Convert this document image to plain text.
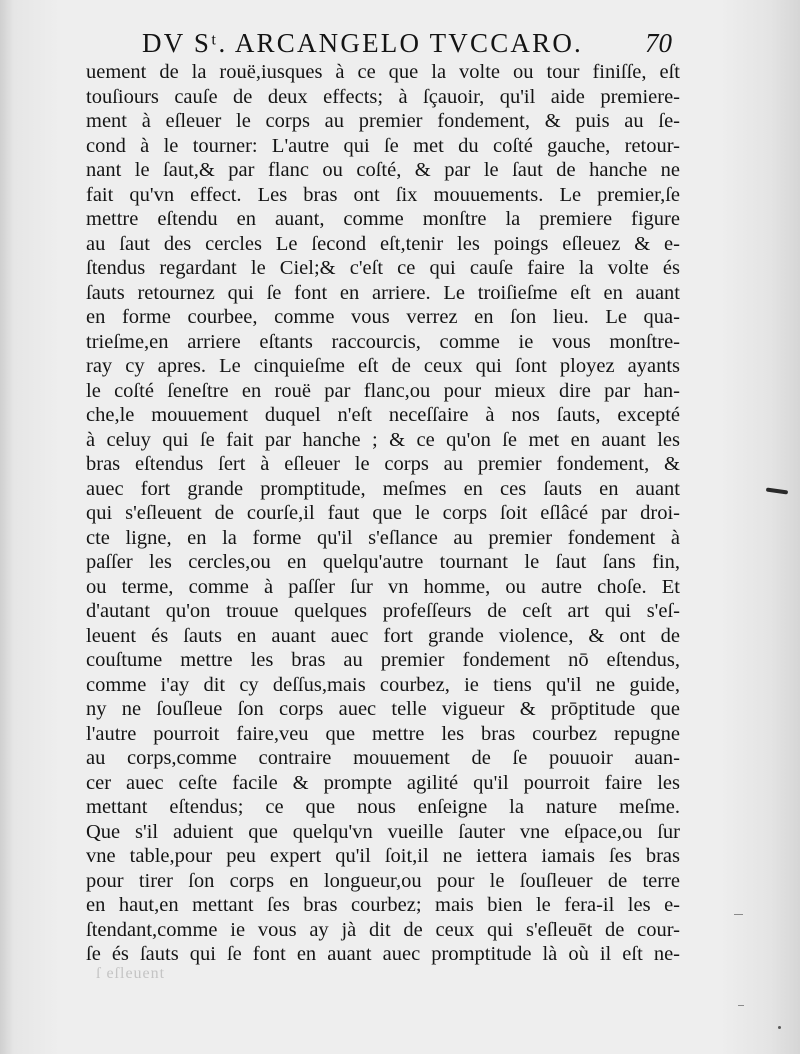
DV Sᵗ. ARCANGELO TVCCARO. 70
uement de la rouë,iusques à ce que la volte ou tour finiſſe, eſt
touſiours cauſe de deux effects; à ſçauoir, qu'il aide premiere-
ment à eſleuer le corps au premier fondement, & puis au ſe-
cond à le tourner: L'autre qui ſe met du coſté gauche, retour-
nant le ſaut,& par flanc ou coſté, & par le ſaut de hanche ne
fait qu'vn effect. Les bras ont ſix mouuements. Le premier,ſe
mettre eſtendu en auant, comme monſtre la premiere figure
au ſaut des cercles Le ſecond eſt,tenir les poings eſleuez & e-
ſtendus regardant le Ciel;& c'eſt ce qui cauſe faire la volte és
ſauts retournez qui ſe font en arriere. Le troiſieſme eſt en auant
en forme courbee, comme vous verrez en ſon lieu. Le qua-
trieſme,en arriere eſtants raccourcis, comme ie vous monſtre-
ray cy apres. Le cinquieſme eſt de ceux qui ſont ployez ayants
le coſté ſeneſtre en rouë par flanc,ou pour mieux dire par han-
che,le mouuement duquel n'eſt neceſſaire à nos ſauts, excepté
à celuy qui ſe fait par hanche ; & ce qu'on ſe met en auant les
bras eſtendus ſert à eſleuer le corps au premier fondement, &
auec fort grande promptitude, meſmes en ces ſauts en auant
qui s'eſleuent de courſe,il faut que le corps ſoit eſlâcé par droi-
cte ligne, en la forme qu'il s'eſlance au premier fondement à
paſſer les cercles,ou en quelqu'autre tournant le ſaut ſans fin,
ou terme, comme à paſſer ſur vn homme, ou autre choſe. Et
d'autant qu'on trouue quelques profeſſeurs de ceſt art qui s'eſ-
leuent és ſauts en auant auec fort grande violence, & ont de
couſtume mettre les bras au premier fondement nō eſtendus,
comme i'ay dit cy deſſus,mais courbez, ie tiens qu'il ne guide,
ny ne ſouſleue ſon corps auec telle vigueur & prōptitude que
l'autre pourroit faire,veu que mettre les bras courbez repugne
au corps,comme contraire mouuement de ſe pouuoir auan-
cer auec ceſte facile & prompte agilité qu'il pourroit faire les
mettant eſtendus; ce que nous enſeigne la nature meſme.
Que s'il aduient que quelqu'vn vueille ſauter vne eſpace,ou ſur
vne table,pour peu expert qu'il ſoit,il ne iettera iamais ſes bras
pour tirer ſon corps en longueur,ou pour le ſouſleuer de terre
en haut,en mettant ſes bras courbez; mais bien le fera-il les e-
ſtendant,comme ie vous ay jà dit de ceux qui s'eſleuēt de cour-
ſe és ſauts qui ſe font en auant auec promptitude là où il eſt ne-
ſ eſleuent
